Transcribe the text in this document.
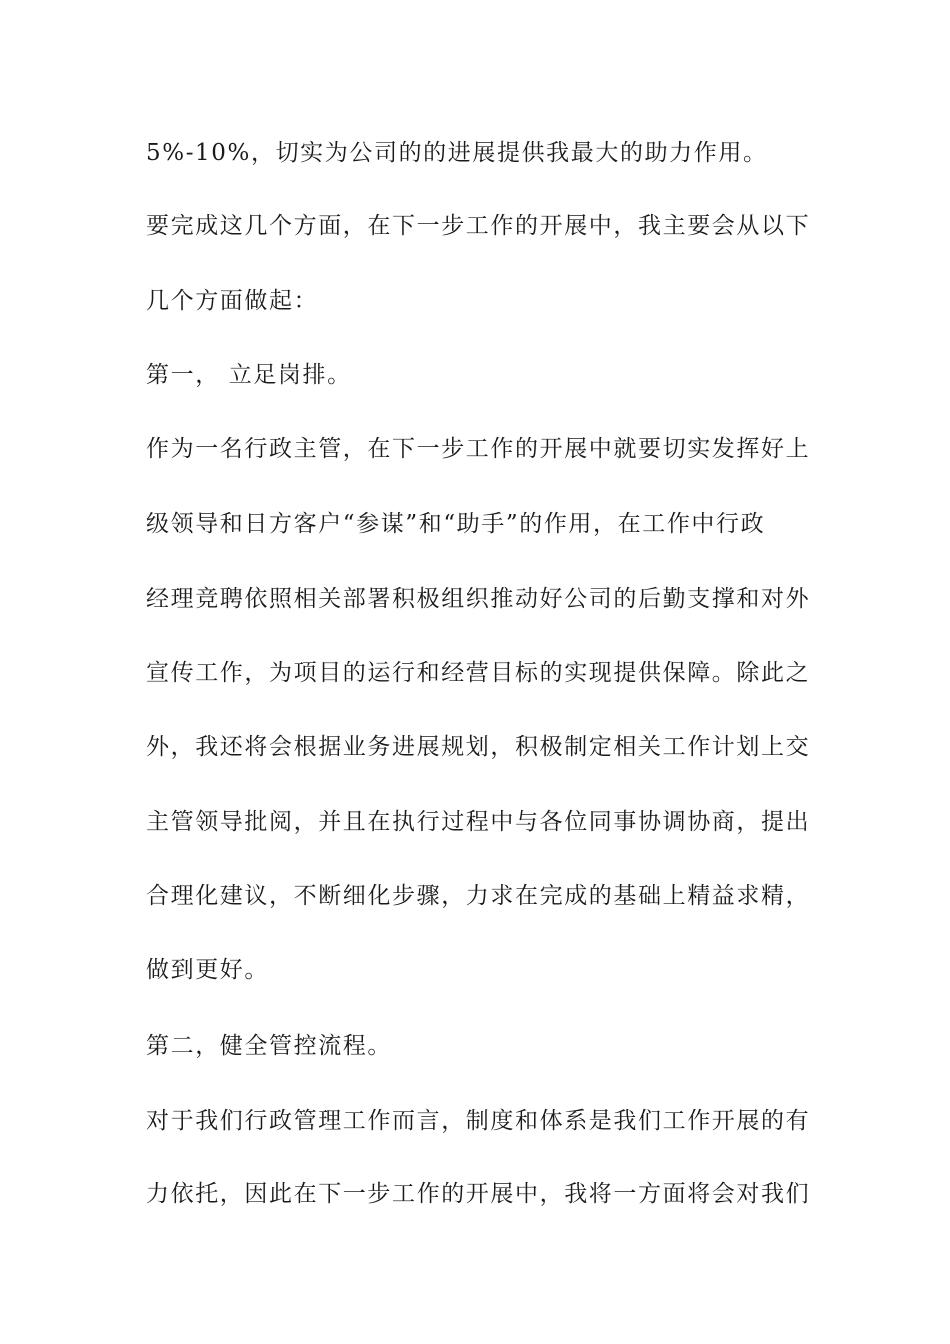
5%-10%，切实为公司的的进展提供我最大的助力作用。
要完成这几个方面，在下一步工作的开展中，我主要会从以下
几个方面做起：
第一， 立足岗排。
作为一名行政主管，在下一步工作的开展中就要切实发挥好上
级领导和日方客户“参谋”和“助手”的作用，在工作中行政
经理竞聘依照相关部署积极组织推动好公司的后勤支撑和对外
宣传工作，为项目的运行和经营目标的实现提供保障。除此之
外，我还将会根据业务进展规划，积极制定相关工作计划上交
主管领导批阅，并且在执行过程中与各位同事协调协商，提出
合理化建议，不断细化步骤，力求在完成的基础上精益求精，
做到更好。
第二，健全管控流程。
对于我们行政管理工作而言，制度和体系是我们工作开展的有
力依托，因此在下一步工作的开展中，我将一方面将会对我们
